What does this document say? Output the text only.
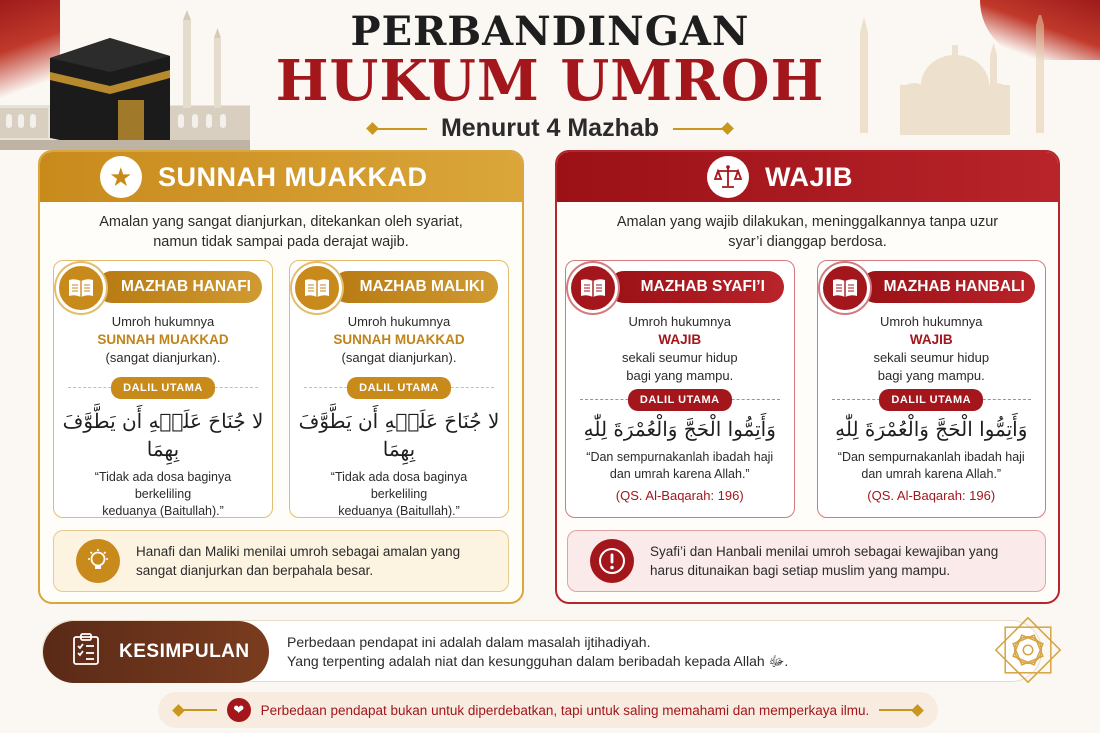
PERBANDINGAN
HUKUM UMROH
Menurut 4 Mazhab
★ SUNNAH MUAKKAD
Amalan yang sangat dianjurkan, ditekankan oleh syariat,
namun tidak sampai pada derajat wajib.
MAZHAB HANAFI
Umroh hukumnya
SUNNAH MUAKKAD
(sangat dianjurkan).
DALIL UTAMA
لا جُنَاحَ عَلَيۡهِ أَن يَطَّوَّفَ بِهِمَا
“Tidak ada dosa baginya berkeliling
keduanya (Baitullah).”
MAZHAB MALIKI
Umroh hukumnya
SUNNAH MUAKKAD
(sangat dianjurkan).
DALIL UTAMA
لا جُنَاحَ عَلَيۡهِ أَن يَطَّوَّفَ بِهِمَا
“Tidak ada dosa baginya berkeliling
keduanya (Baitullah).”
Hanafi dan Maliki menilai umroh sebagai amalan yang
sangat dianjurkan dan berpahala besar.
WAJIB
Amalan yang wajib dilakukan, meninggalkannya tanpa uzur
syar’i dianggap berdosa.
MAZHAB SYAFI’I
Umroh hukumnya
WAJIB
sekali seumur hidup
bagi yang mampu.
DALIL UTAMA
وَأَتِمُّوا الْحَجَّ وَالْعُمْرَةَ لِلّٰهِ
“Dan sempurnakanlah ibadah haji
dan umrah karena Allah.”
(QS. Al-Baqarah: 196)
MAZHAB HANBALI
Umroh hukumnya
WAJIB
sekali seumur hidup
bagi yang mampu.
DALIL UTAMA
وَأَتِمُّوا الْحَجَّ وَالْعُمْرَةَ لِلّٰهِ
“Dan sempurnakanlah ibadah haji
dan umrah karena Allah.”
(QS. Al-Baqarah: 196)
Syafi’i dan Hanbali menilai umroh sebagai kewajiban yang
harus ditunaikan bagi setiap muslim yang mampu.
KESIMPULAN	Perbedaan pendapat ini adalah dalam masalah ijtihadiyah.
Yang terpenting adalah niat dan kesungguhan dalam beribadah kepada Allah ﷻ.
❤	Perbedaan pendapat bukan untuk diperdebatkan, tapi untuk saling memahami dan memperkaya ilmu.
